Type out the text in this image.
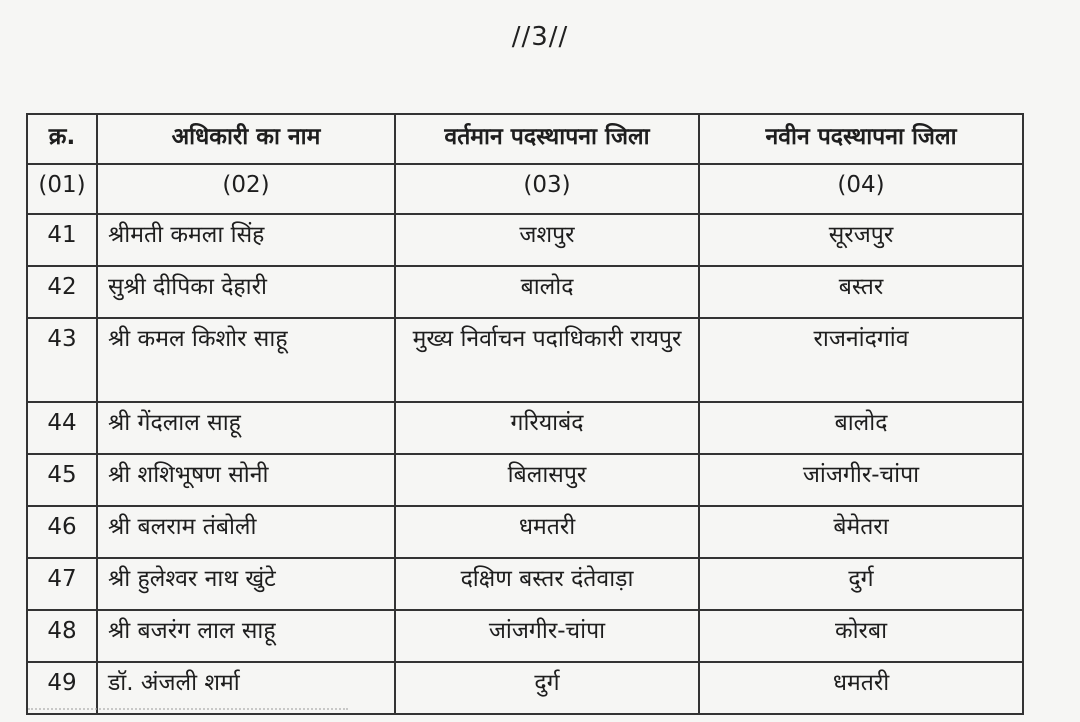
//3//
क्र.	अधिकारी का नाम	वर्तमान पदस्थापना जिला	नवीन पदस्थापना जिला
(01)	(02)	(03)	(04)
41	श्रीमती कमला सिंह	जशपुर	सूरजपुर
42	सुश्री दीपिका देहारी	बालोद	बस्तर
43	श्री कमल किशोर साहू	मुख्य निर्वाचन पदाधिकारी रायपुर	राजनांदगांव
44	श्री गेंदलाल साहू	गरियाबंद	बालोद
45	श्री शशिभूषण सोनी	बिलासपुर	जांजगीर-चांपा
46	श्री बलराम तंबोली	धमतरी	बेमेतरा
47	श्री हुलेश्वर नाथ खुंटे	दक्षिण बस्तर दंतेवाड़ा	दुर्ग
48	श्री बजरंग लाल साहू	जांजगीर-चांपा	कोरबा
49	डॉ. अंजली शर्मा	दुर्ग	धमतरी
